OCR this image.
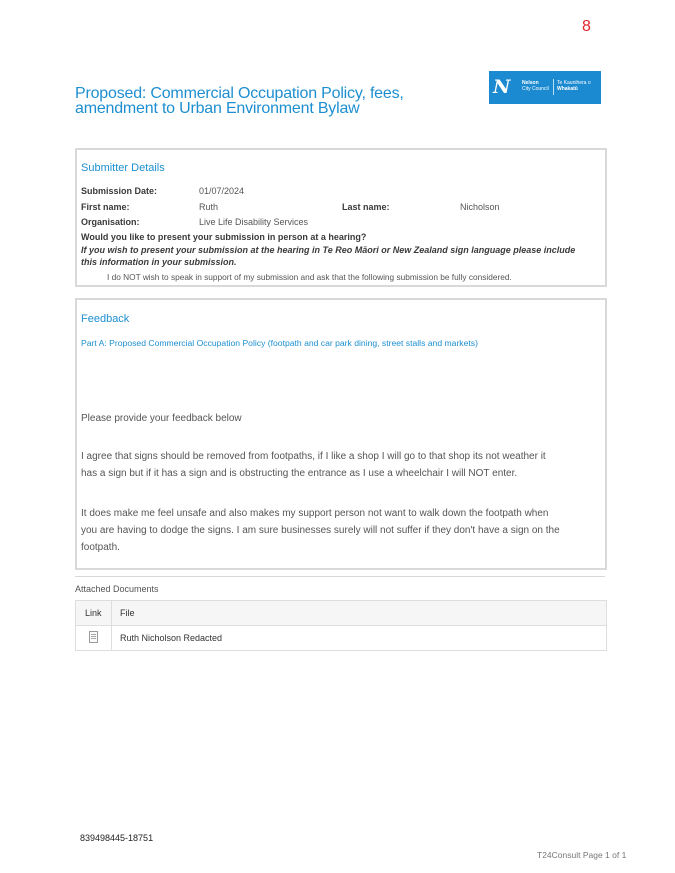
8
Proposed: Commercial Occupation Policy, fees, amendment to Urban Environment Bylaw
N Nelson
City Council
Te Kaunihera o
Whakatū
Submitter Details
Submission Date:	01/07/2024
First name:	Ruth	Last name:	Nicholson
Organisation:	Live Life Disability Services
Would you like to present your submission in person at a hearing?
If you wish to present your submission at the hearing in Te Reo Māori or New Zealand sign language please include this information in your submission.
I do NOT wish to speak in support of my submission and ask that the following submission be fully considered.
Feedback
Part A: Proposed Commercial Occupation Policy (footpath and car park dining, street stalls and markets)
Please provide your feedback below
I agree that signs should be removed from footpaths, if I like a shop I will go to that shop its not weather it has a sign but if it has a sign and is obstructing the entrance as I use a wheelchair I will NOT enter.
It does make me feel unsafe and also makes my support person not want to walk down the footpath when you are having to dodge the signs. I am sure businesses surely will not suffer if they don't have a sign on the footpath.
Attached Documents
Link File
Ruth Nicholson Redacted
839498445-18751
T24Consult Page 1 of 1
